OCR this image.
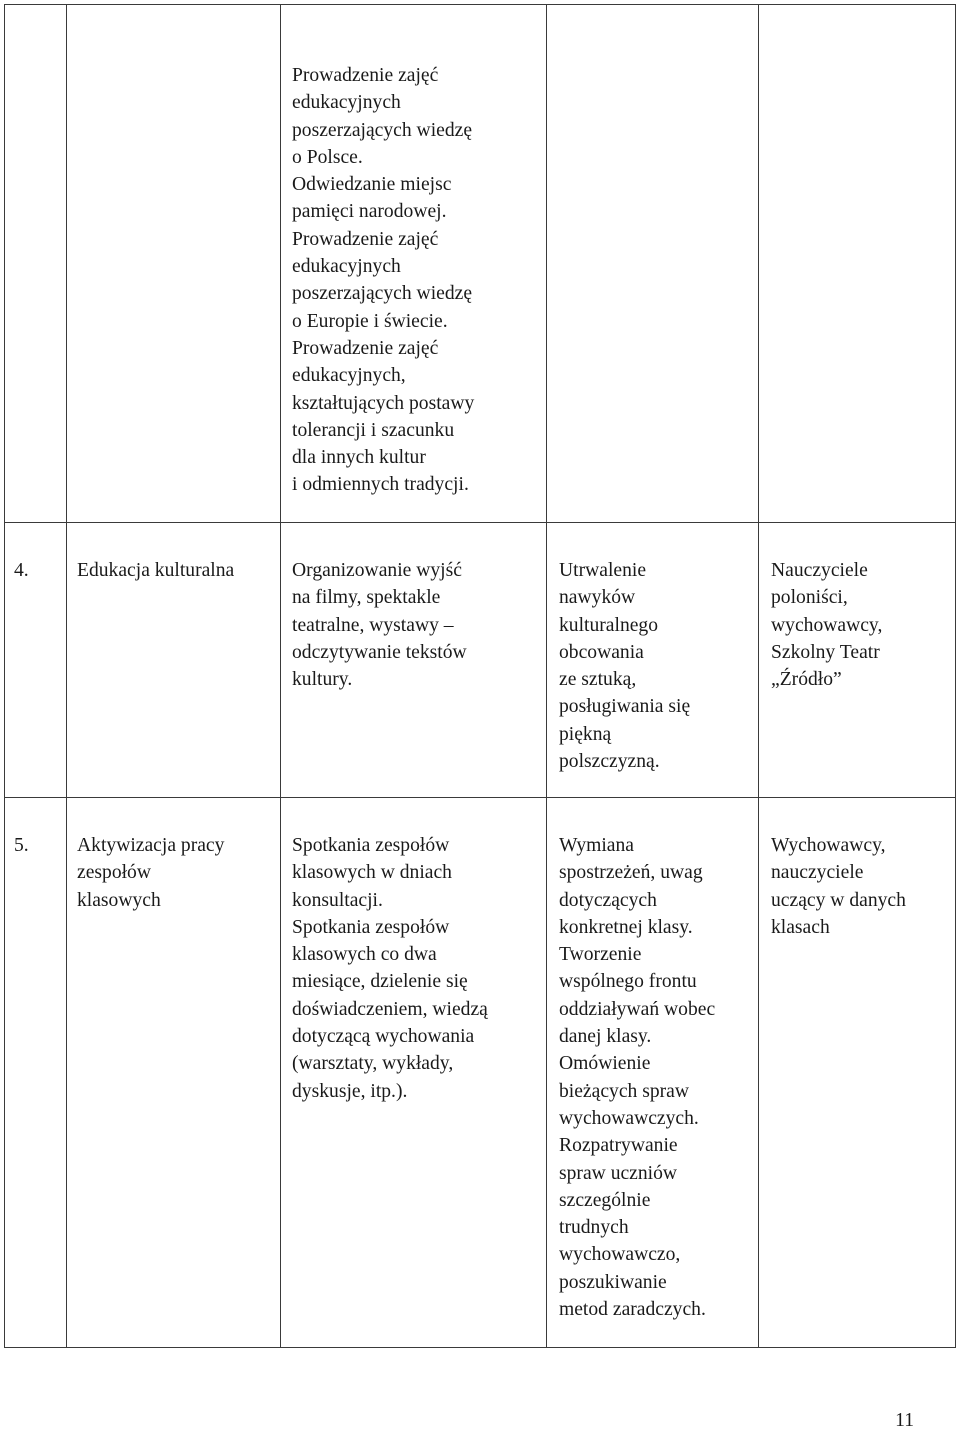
Prowadzenie zajęć
edukacyjnych
poszerzających wiedzę
o Polsce.
Odwiedzanie miejsc
pamięci narodowej.
Prowadzenie zajęć
edukacyjnych
poszerzających wiedzę
o Europie i świecie.
Prowadzenie zajęć
edukacyjnych,
kształtujących postawy
tolerancji i szacunku
dla innych kultur
i odmiennych tradycji.
4. Edukacja kulturalna	Organizowanie wyjść
na filmy, spektakle
teatralne, wystawy –
odczytywanie tekstów
kultury.
Utrwalenie
nawyków
kulturalnego
obcowania
ze sztuką,
posługiwania się
piękną
polszczyzną.
Nauczyciele
poloniści,
wychowawcy,
Szkolny Teatr
„Źródło”
5. Aktywizacja pracy
zespołów
klasowych
Spotkania zespołów
klasowych w dniach
konsultacji.
Spotkania zespołów
klasowych co dwa
miesiące, dzielenie się
doświadczeniem, wiedzą
dotyczącą wychowania
(warsztaty, wykłady,
dyskusje, itp.).
Wymiana
spostrzeżeń, uwag
dotyczących
konkretnej klasy.
Tworzenie
wspólnego frontu
oddziaływań wobec
danej klasy.
Omówienie
bieżących spraw
wychowawczych.
Rozpatrywanie
spraw uczniów
szczególnie
trudnych
wychowawczo,
poszukiwanie
metod zaradczych.
Wychowawcy,
nauczyciele
uczący w danych
klasach
11
